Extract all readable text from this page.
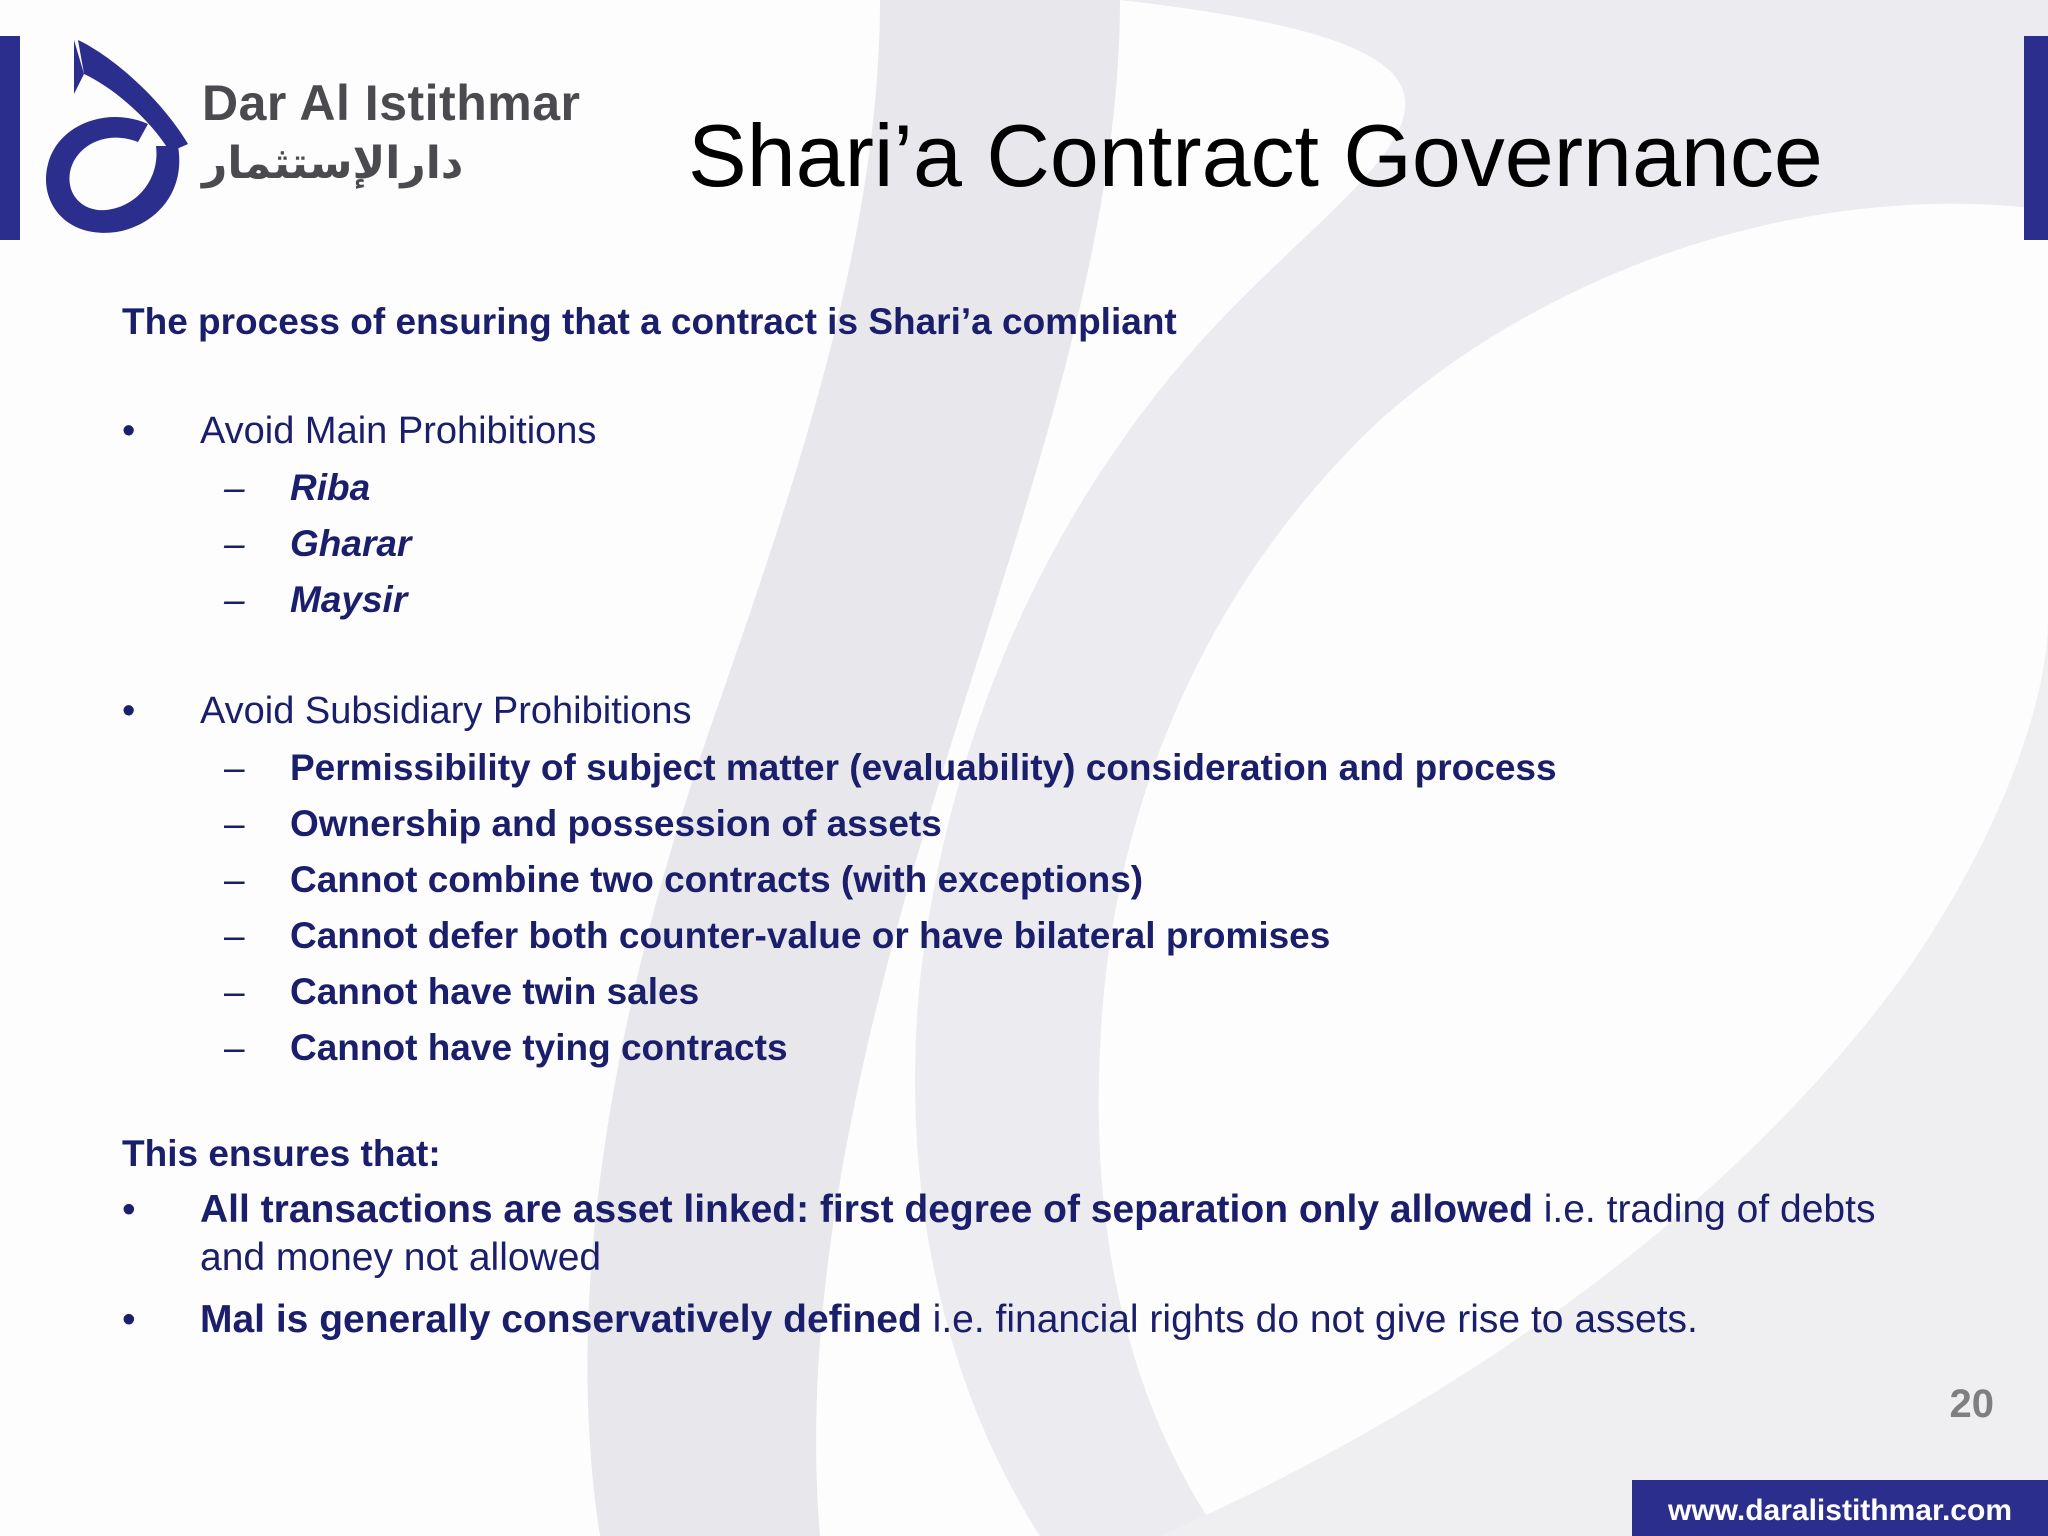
Dar Al Istithmar
دارالإستثمار	Shari’a Contract Governance

The process of ensuring that a contract is Shari’a compliant

• Avoid Main Prohibitions
– Riba
– Gharar
– Maysir
• Avoid Subsidiary Prohibitions
– Permissibility of subject matter (evaluability) consideration and process
– Ownership and possession of assets
– Cannot combine two contracts (with exceptions)
– Cannot defer both counter-value or have bilateral promises
– Cannot have twin sales
– Cannot have tying contracts

This ensures that:

• All transactions are asset linked: first degree of separation only allowed i.e. trading of debts and money not allowed
• Mal is generally conservatively defined i.e. financial rights do not give rise to assets.
20
www.daralistithmar.com
